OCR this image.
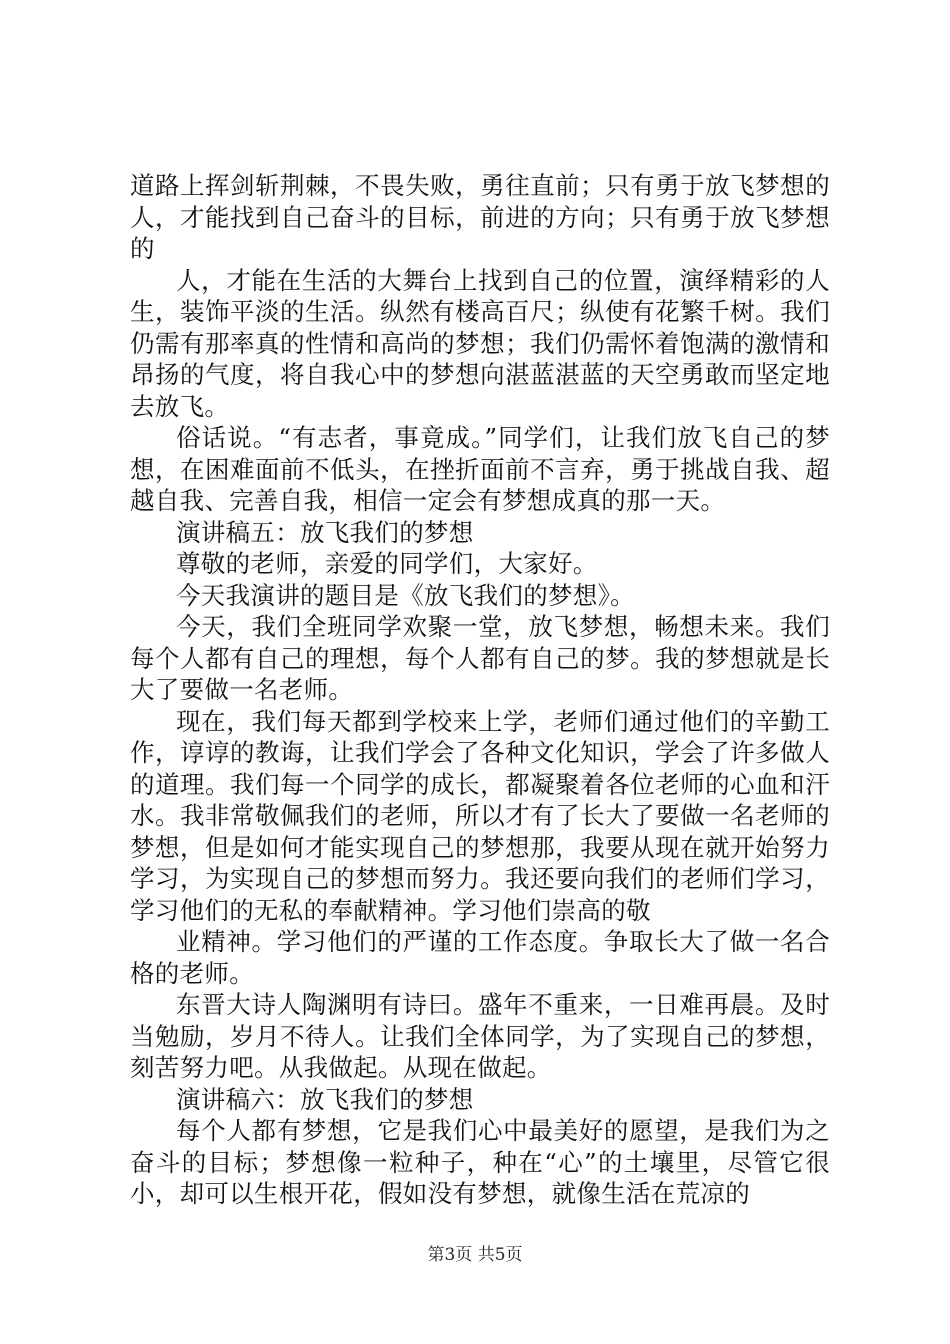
道路上挥剑斩荆棘，不畏失败，勇往直前；只有勇于放飞梦想的人，才能找到自己奋斗的目标，前进的方向；只有勇于放飞梦想的

人，才能在生活的大舞台上找到自己的位置，演绎精彩的人生，装饰平淡的生活。纵然有楼高百尺；纵使有花繁千树。我们仍需有那率真的性情和高尚的梦想；我们仍需怀着饱满的激情和昂扬的气度，将自我心中的梦想向湛蓝湛蓝的天空勇敢而坚定地去放飞。

俗话说。“有志者，事竟成。”同学们，让我们放飞自己的梦想，在困难面前不低头，在挫折面前不言弃，勇于挑战自我、超越自我、完善自我，相信一定会有梦想成真的那一天。

演讲稿五：放飞我们的梦想

尊敬的老师，亲爱的同学们，大家好。

今天我演讲的题目是《放飞我们的梦想》。

今天，我们全班同学欢聚一堂，放飞梦想，畅想未来。我们每个人都有自己的理想，每个人都有自己的梦。我的梦想就是长大了要做一名老师。

现在，我们每天都到学校来上学，老师们通过他们的辛勤工作，谆谆的教诲，让我们学会了各种文化知识，学会了许多做人的道理。我们每一个同学的成长，都凝聚着各位老师的心血和汗水。我非常敬佩我们的老师，所以才有了长大了要做一名老师的梦想，但是如何才能实现自己的梦想那，我要从现在就开始努力学习，为实现自己的梦想而努力。我还要向我们的老师们学习，学习他们的无私的奉献精神。学习他们崇高的敬

业精神。学习他们的严谨的工作态度。争取长大了做一名合格的老师。

东晋大诗人陶渊明有诗曰。盛年不重来，一日难再晨。及时当勉励，岁月不待人。让我们全体同学，为了实现自己的梦想，刻苦努力吧。从我做起。从现在做起。

演讲稿六：放飞我们的梦想

每个人都有梦想，它是我们心中最美好的愿望，是我们为之奋斗的目标；梦想像一粒种子，种在“心”的土壤里，尽管它很小，却可以生根开花，假如没有梦想，就像生活在荒凉的

第3页 共5页
